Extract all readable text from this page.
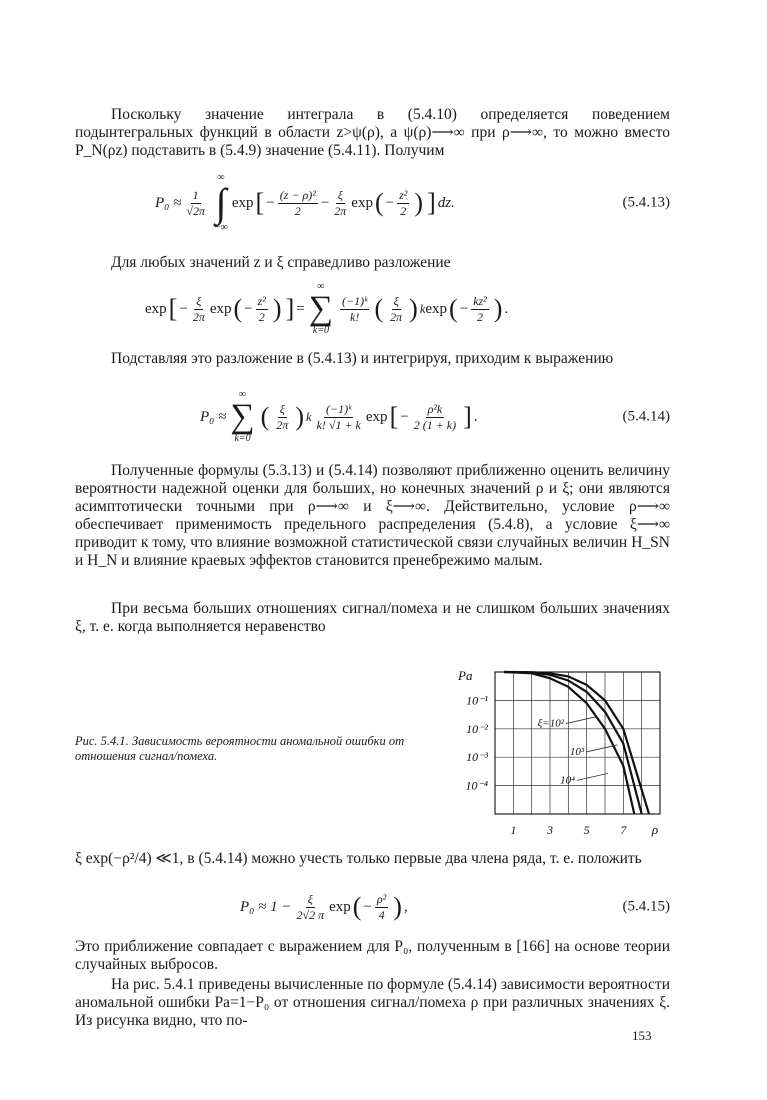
Поскольку значение интеграла в (5.4.10) определяется поведением подынтегральных функций в области z>ψ(ρ), а ψ(ρ)⟶∞ при ρ⟶∞, то можно вместо P_N(ρz) подставить в (5.4.9) значение (5.4.11). Получим

$P_0 \approx \frac{1}{√2\pi}$
∞
∫
−∞
exp [ − $\frac{\text{(z − ρ)²}}{2} - \frac{\xi}{2\pi}$ exp ( − $\frac{\text{z²}}{2}$ ) ] dz.	(5.4.13)

Для любых значений z и ξ справедливо разложение

exp [ − $\frac{\xi}{2\pi}$ exp ( − $\frac{\text{z²}}{2}$ ) ] =
∞
∑
k=0
$\frac{\text{(−1)ᵏ}}{k!}$ ( $\frac{\xi}{2\pi}$ ) k exp ( − $\frac{\text{kz²}}{2}$ ) .

Подставляя это разложение в (5.4.13) и интегрируя, приходим к выражению

P₀ ≈
∞
∑
k=0
( $\frac{\xi}{2\pi}$ ) k $\frac{\text{(−1)ᵏ}}{k! √1 + k}$ exp [ − $\frac{\text{ρ²k}}{2 (1 + k)}$ ] .	(5.4.14)

Полученные формулы (5.3.13) и (5.4.14) позволяют приближенно оценить величину вероятности надежной оценки для больших, но конечных значений ρ и ξ; они являются асимптотически точными при ρ⟶∞ и ξ⟶∞. Действительно, условие ρ⟶∞ обеспечивает применимость предельного распределения (5.4.8), а условие ξ⟶∞ приводит к тому, что влияние возможной статистической связи случайных величин H_SN и H_N и влияние краевых эффектов становится пренебрежимо малым.

При весьма больших отношениях сигнал/помеха и не слишком больших значениях ξ, т. е. когда выполняется неравенство

Рис. 5.4.1. Зависимость вероятности аномальной ошибки от отношения сигнал/помеха.

Pa
10⁻¹
10⁻²
10⁻³
10⁻⁴
1	3	5	7 ρ
ξ=10²
10³
10⁴

ξ exp(−ρ²/4) ≪1, в (5.4.14) можно учесть только первые два члена ряда, т. е. положить

$P_0 \approx 1 - \frac{\xi}{2√2 \pi}$ exp ( − $\frac{\text{ρ²}}{4}$ ) ,	(5.4.15)

Это приближение совпадает с выражением для P₀, полученным в [166] на основе теории случайных выбросов.

На рис. 5.4.1 приведены вычисленные по формуле (5.4.14) зависимости вероятности аномальной ошибки Pa=1−P₀ от отношения сигнал/помеха ρ при различных значениях ξ. Из рисунка видно, что по-

153
